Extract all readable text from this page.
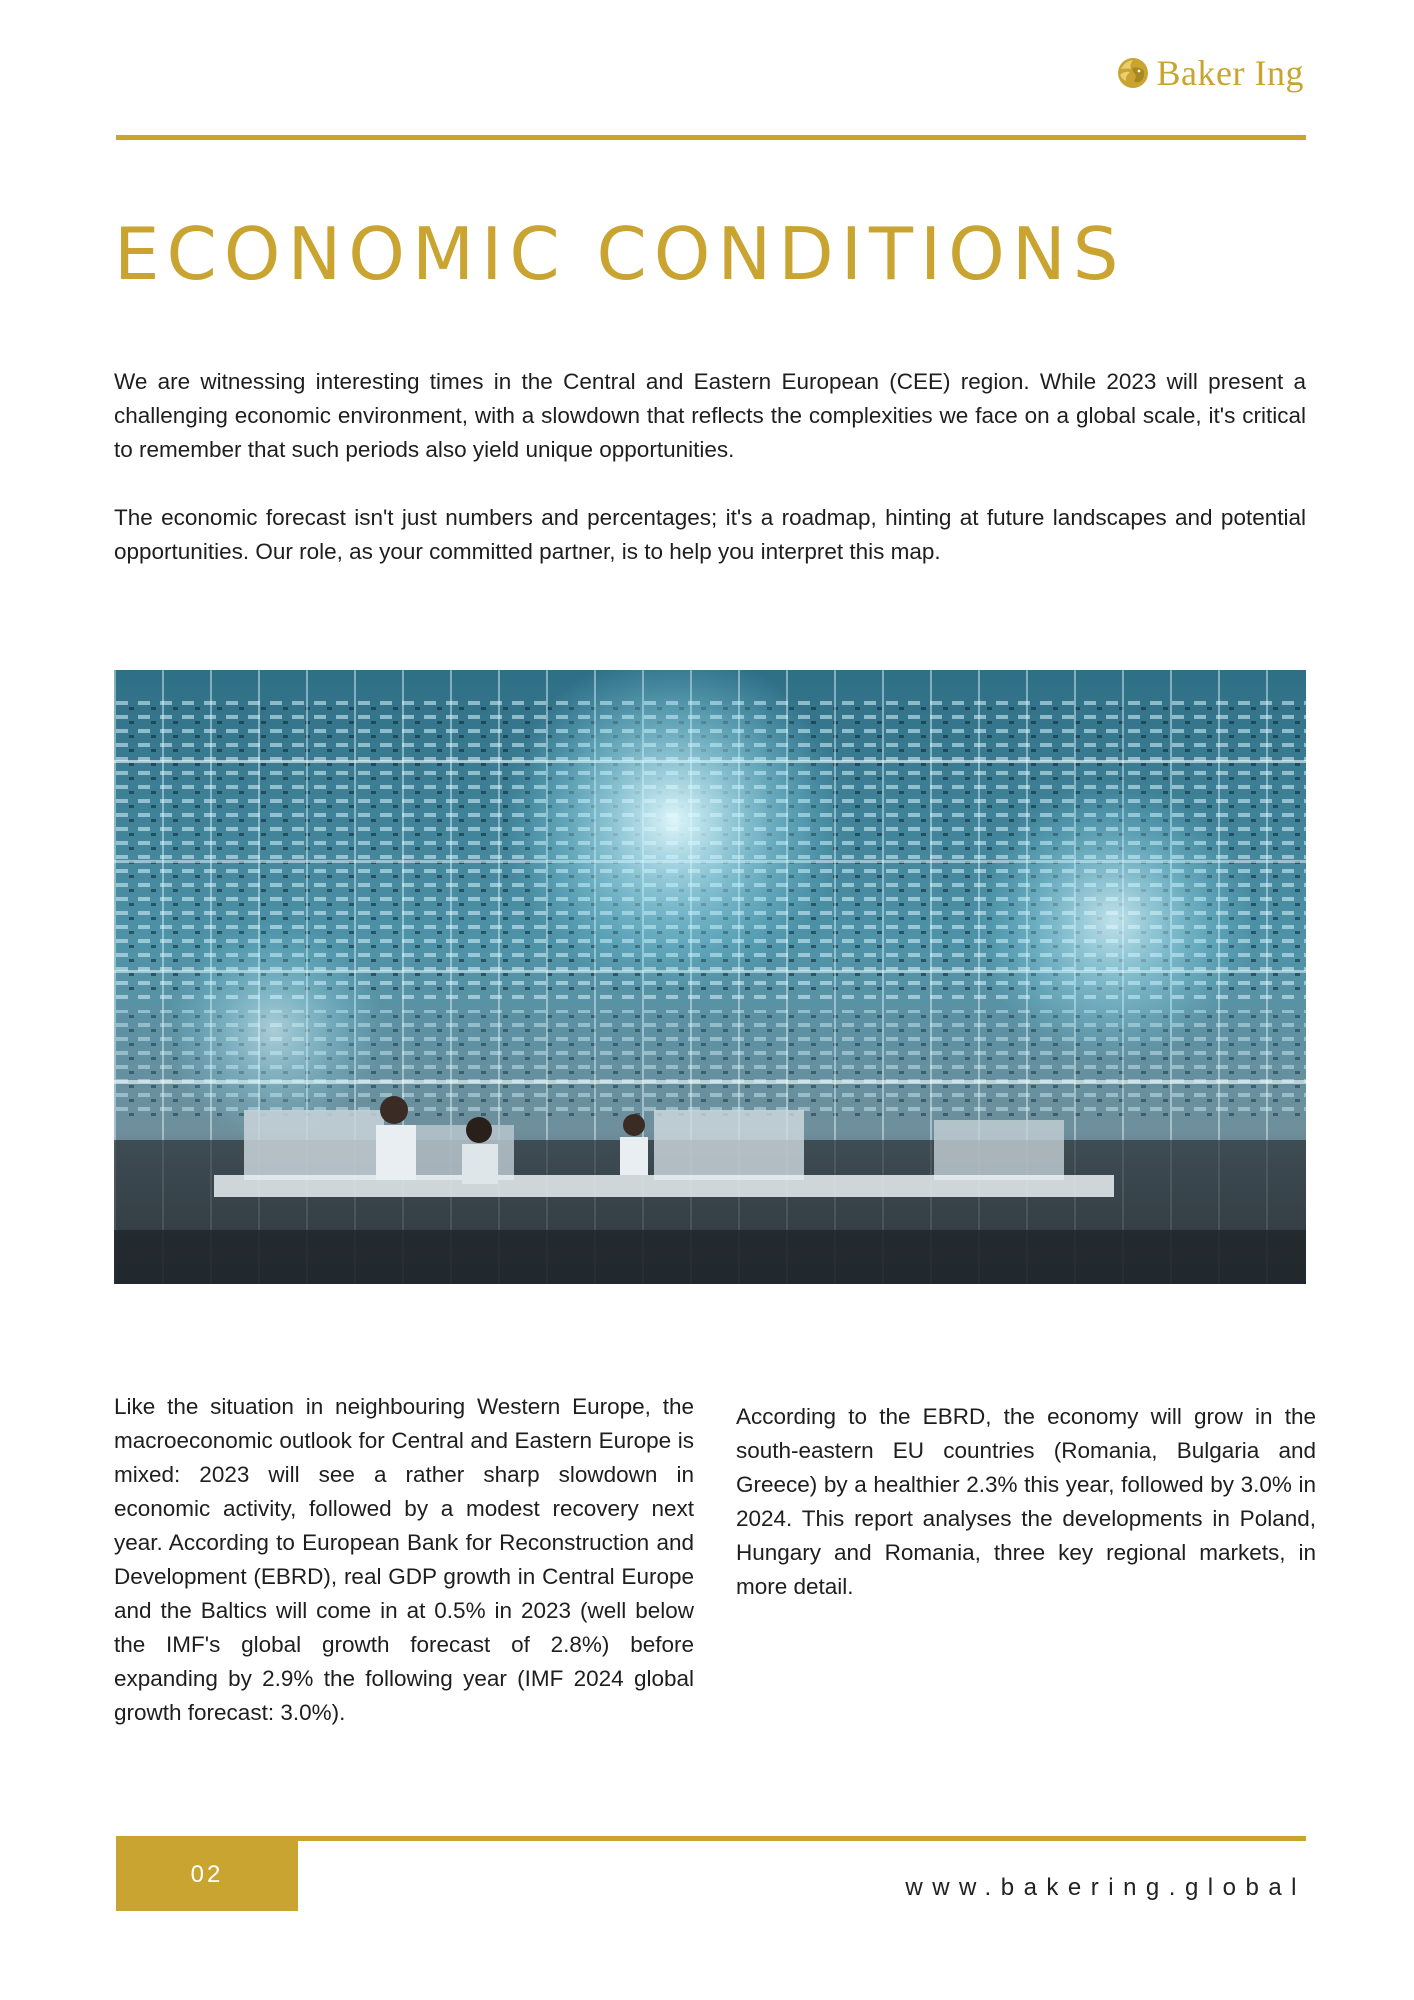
Baker Ing
ECONOMIC CONDITIONS

We are witnessing interesting times in the Central and Eastern European (CEE) region. While 2023 will present a challenging economic environment, with a slowdown that reflects the complexities we face on a global scale, it's critical to remember that such periods also yield unique opportunities.

The economic forecast isn't just numbers and percentages; it's a roadmap, hinting at future landscapes and potential opportunities. Our role, as your committed partner, is to help you interpret this map.

Like the situation in neighbouring Western Europe, the macroeconomic outlook for Central and Eastern Europe is mixed: 2023 will see a rather sharp slowdown in economic activity, followed by a modest recovery next year. According to European Bank for Reconstruction and Development (EBRD), real GDP growth in Central Europe and the Baltics will come in at 0.5% in 2023 (well below the IMF's global growth forecast of 2.8%) before expanding by 2.9% the following year (IMF 2024 global growth forecast: 3.0%).

According to the EBRD, the economy will grow in the south-eastern EU countries (Romania, Bulgaria and Greece) by a healthier 2.3% this year, followed by 3.0% in 2024. This report analyses the developments in Poland, Hungary and Romania, three key regional markets, in more detail.

02	www.bakering.global
